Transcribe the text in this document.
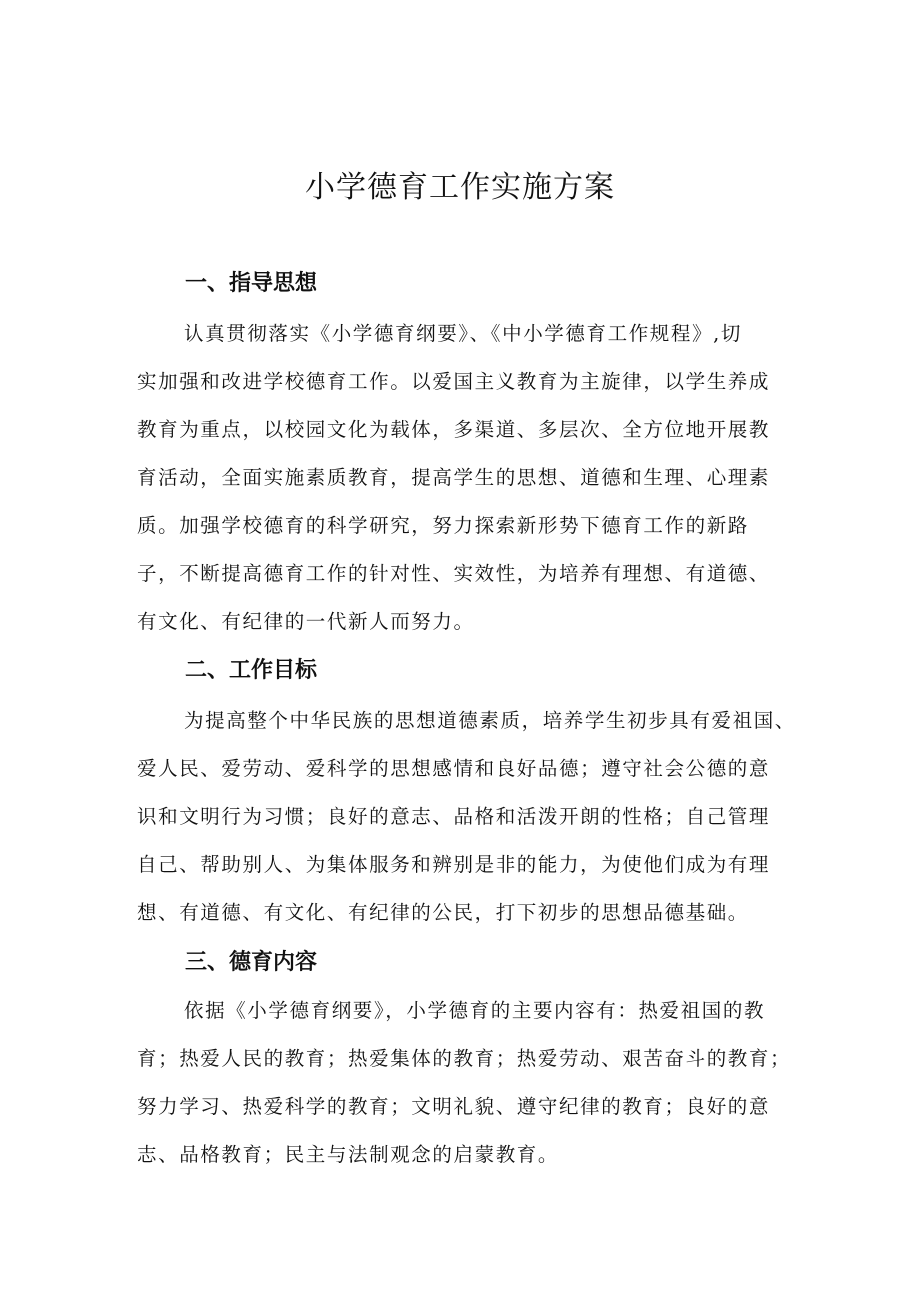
小学德育工作实施方案
一、指导思想
认真贯彻落实《小学德育纲要》、《中小学德育工作规程》,切
实加强和改进学校德育工作。以爱国主义教育为主旋律，以学生养成
教育为重点，以校园文化为载体，多渠道、多层次、全方位地开展教
育活动，全面实施素质教育，提高学生的思想、道德和生理、心理素
质。加强学校德育的科学研究，努力探索新形势下德育工作的新路
子，不断提高德育工作的针对性、实效性，为培养有理想、有道德、
有文化、有纪律的一代新人而努力。
二、工作目标
为提高整个中华民族的思想道德素质，培养学生初步具有爱祖国、
爱人民、爱劳动、爱科学的思想感情和良好品德；遵守社会公德的意
识和文明行为习惯；良好的意志、品格和活泼开朗的性格；自己管理
自己、帮助别人、为集体服务和辨别是非的能力，为使他们成为有理
想、有道德、有文化、有纪律的公民，打下初步的思想品德基础。
三、德育内容
依据《小学德育纲要》，小学德育的主要内容有：热爱祖国的教
育；热爱人民的教育；热爱集体的教育；热爱劳动、艰苦奋斗的教育；
努力学习、热爱科学的教育；文明礼貌、遵守纪律的教育；良好的意
志、品格教育；民主与法制观念的启蒙教育。
